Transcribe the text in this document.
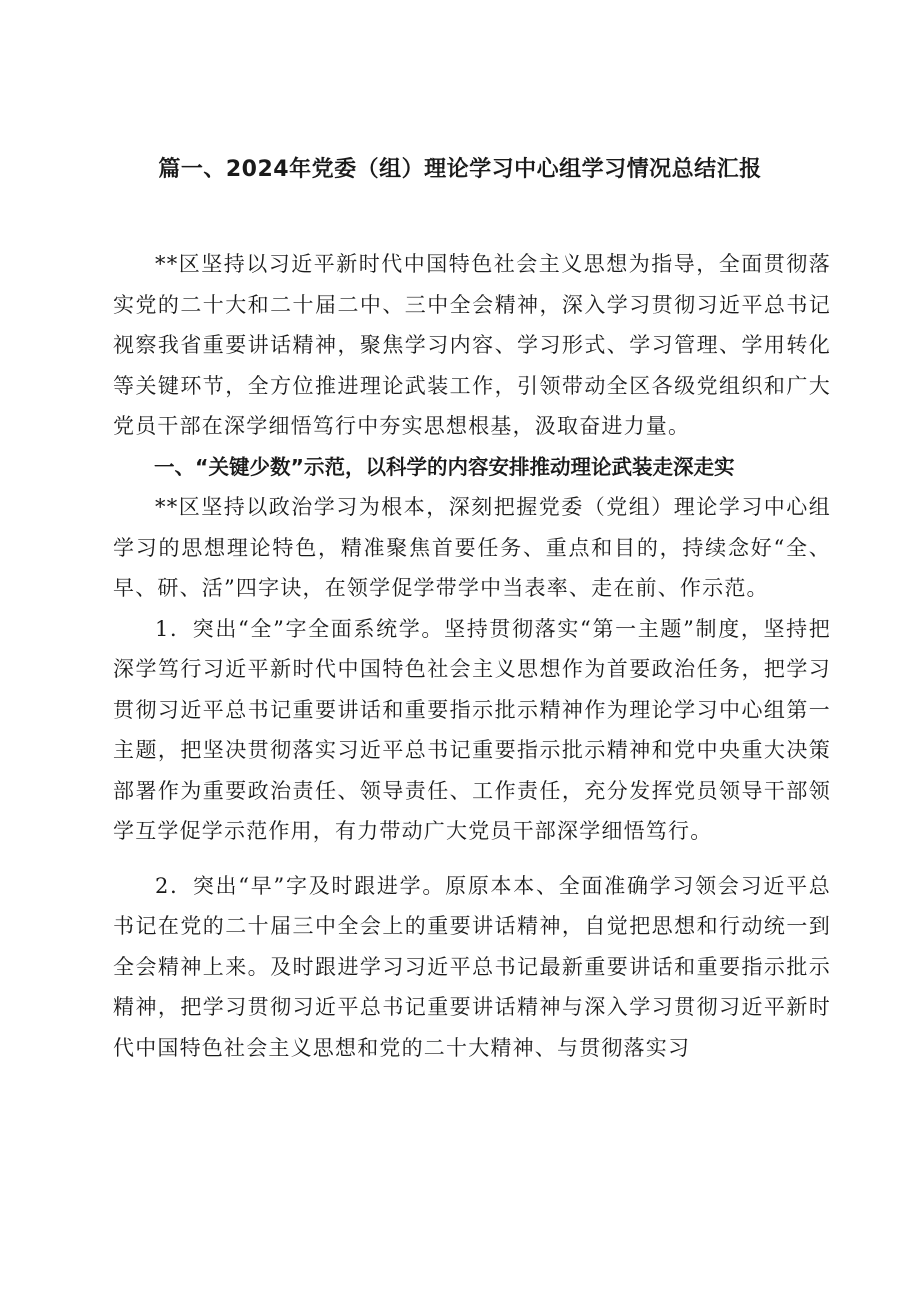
篇一、2024年党委（组）理论学习中心组学习情况总结汇报

**区坚持以习近平新时代中国特色社会主义思想为指导，全面贯彻落实党的二十大和二十届二中、三中全会精神，深入学习贯彻习近平总书记视察我省重要讲话精神，聚焦学习内容、学习形式、学习管理、学用转化等关键环节，全方位推进理论武装工作，引领带动全区各级党组织和广大党员干部在深学细悟笃行中夯实思想根基，汲取奋进力量。

一、“关键少数”示范，以科学的内容安排推动理论武装走深走实

**区坚持以政治学习为根本，深刻把握党委（党组）理论学习中心组学习的思想理论特色，精准聚焦首要任务、重点和目的，持续念好“全、早、研、活”四字诀，在领学促学带学中当表率、走在前、作示范。

1．突出“全”字全面系统学。坚持贯彻落实“第一主题”制度，坚持把深学笃行习近平新时代中国特色社会主义思想作为首要政治任务，把学习贯彻习近平总书记重要讲话和重要指示批示精神作为理论学习中心组第一主题，把坚决贯彻落实习近平总书记重要指示批示精神和党中央重大决策部署作为重要政治责任、领导责任、工作责任，充分发挥党员领导干部领学互学促学示范作用，有力带动广大党员干部深学细悟笃行。

2．突出“早”字及时跟进学。原原本本、全面准确学习领会习近平总书记在党的二十届三中全会上的重要讲话精神，自觉把思想和行动统一到全会精神上来。及时跟进学习习近平总书记最新重要讲话和重要指示批示精神，把学习贯彻习近平总书记重要讲话精神与深入学习贯彻习近平新时代中国特色社会主义思想和党的二十大精神、与贯彻落实习
